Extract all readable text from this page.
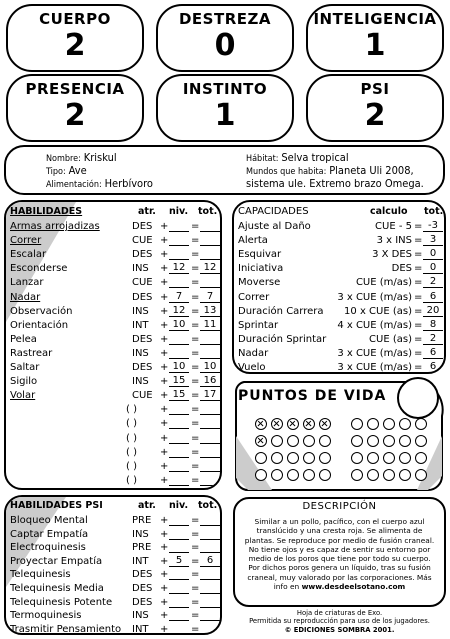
CUERPO
2
DESTREZA
0
INTELIGENCIA
1
PRESENCIA
2
INSTINTO
1
PSI
2
Nombre: Kriskul
Tipo: Ave
Alimentación: Herbívoro
Hábitat: Selva tropical
Mundos que habita: Planeta Uli 2008,
sistema ule. Extremo brazo Omega.
HABILIDADES	atr. niv. tot.
Armas arrojadizas	DES + =
Correr	CUE + =
Escalar	DES + =
Esconderse	INS + 12 = 12
Lanzar	CUE + =
Nadar	DES + 7 = 7
Observación	INS + 12 = 13
Orientación	INT + 10 = 11
Pelea	DES + =
Rastrear	INS + =
Saltar	DES + 10 = 10
Sigilo	INS + 15 = 16
Volar	CUE + 15 = 17
( ) + =
( ) + =
( ) + =
( ) + =
( ) + =
( ) + =
CAPACIDADES	calculo tot.
Ajuste al Daño	CUE - 5 = -3
Alerta	3 x INS = 3
Esquivar	3 X DES = 0
Iniciativa	DES = 0
Moverse	CUE (m/as) = 2
Correr	3 x CUE (m/as) = 6
Duración Carrera 10 x CUE (as) = 20
Sprintar	4 x CUE (m/as) = 8
Duración Sprintar	CUE (as) = 2
Nadar	3 x CUE (m/as) = 6
Vuelo	3 x CUE (m/as) = 6
PUNTOS DE VIDA
HABILIDADES PSI	atr. niv. tot.
Bloqueo Mental	PRE + =
Captar Empatía	INS + =
Electroquinesis	PRE + =
Proyectar Empatía	INT + 5 = 6
Telequinesis	DES + =
Telequinesis Media	DES + =
Telequinesis Potente DES + =
Termoquinesis	INS + =
Trasmitir Pensamiento INT + =
DESCRIPCIÓN
Similar a un pollo, pacífico, con el cuerpo azul translúcido y una cresta roja. Se alimenta de plantas. Se reproduce por medio de fusión craneal. No tiene ojos y es capaz de sentir su entorno por medio de los poros que tiene por todo su cuerpo. Por dichos poros genera un líquido, tras su fusión craneal, muy valorado por las corporaciones. Más info en www.desdeelsotano.com
Hoja de criaturas de Exo.
Permitida su reproducción para uso de los jugadores.
© EDICIONES SOMBRA 2001.
